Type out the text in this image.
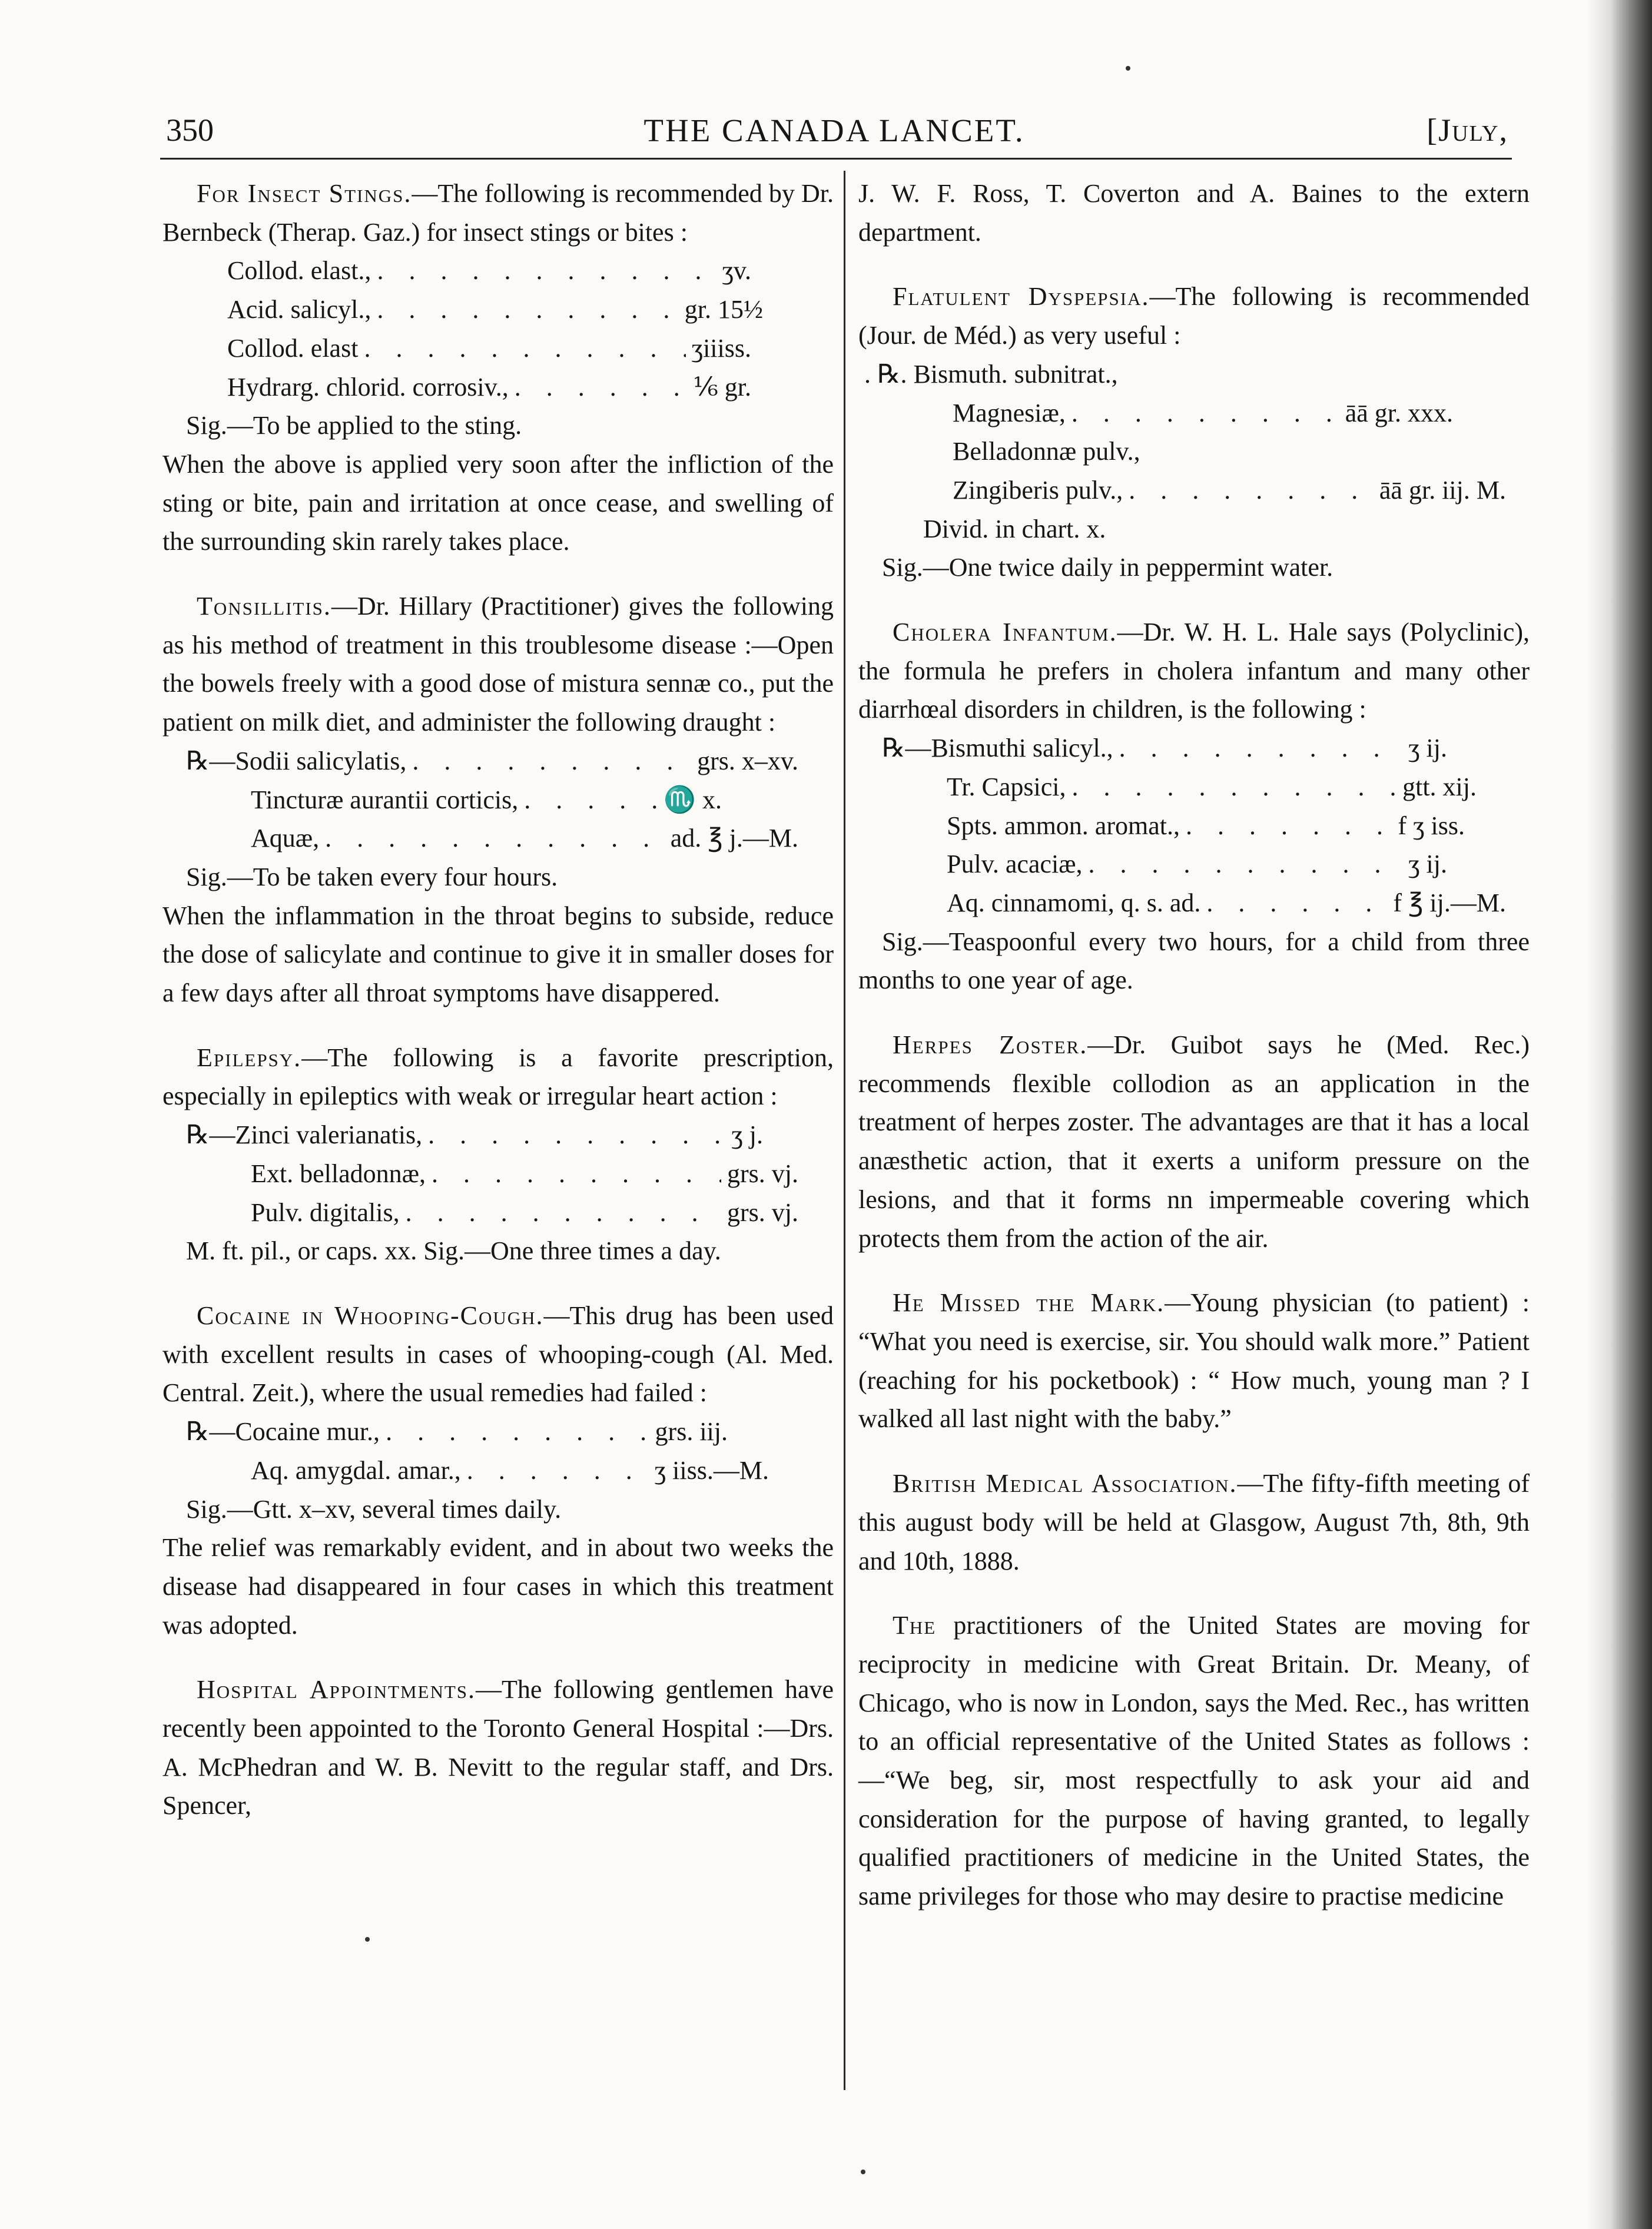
350	THE CANADA LANCET.	[July,

For Insect Stings.—The following is recommended by Dr. Bernbeck (Therap. Gaz.) for insect stings or bites :

Collod. elast., . . .	ʒv.
Acid. salicyl., . . .	gr. 15½
Collod. elast . . .	ʒiiiss.
Hydrarg. chlorid. corrosiv., . . .	⅙ gr.
Sig.—To be applied to the sting.

When the above is applied very soon after the infliction of the sting or bite, pain and irritation at once cease, and swelling of the surrounding skin rarely takes place.

Tonsillitis.—Dr. Hillary (Practitioner) gives the following as his method of treatment in this troublesome disease :—Open the bowels freely with a good dose of mistura sennæ co., put the patient on milk diet, and administer the following draught :

℞—Sodii salicylatis, . . .	grs. x–xv.
Tincturæ aurantii corticis, . . .	♏ x.
Aquæ, . . .	ad. ℥ j.—M.
Sig.—To be taken every four hours.

When the inflammation in the throat begins to subside, reduce the dose of salicylate and continue to give it in smaller doses for a few days after all throat symptoms have disappered.

Epilepsy.—The following is a favorite prescription, especially in epileptics with weak or irregular heart action :

℞—Zinci valerianatis, . . .	ʒ j.
Ext. belladonnæ, . . .	grs. vj.
Pulv. digitalis, . . .	grs. vj.

M. ft. pil., or caps. xx. Sig.—One three times a day.

Cocaine in Whooping-Cough.—This drug has been used with excellent results in cases of whooping-cough (Al. Med. Central. Zeit.), where the usual remedies had failed :

℞—Cocaine mur., . . .	grs. iij.
Aq. amygdal. amar., . . .	ʒ iiss.—M.
Sig.—Gtt. x–xv, several times daily.

The relief was remarkably evident, and in about two weeks the disease had disappeared in four cases in which this treatment was adopted.

Hospital Appointments.—The following gentlemen have recently been appointed to the Toronto General Hospital :—Drs. A. McPhedran and W. B. Nevitt to the regular staff, and Drs. Spencer,

J. W. F. Ross, T. Coverton and A. Baines to the extern department.

Flatulent Dyspepsia.—The following is recommended (Jour. de Méd.) as very useful :

. ℞. Bismuth. subnitrat.,
Magnesiæ, . . .	āā gr. xxx.
Belladonnæ pulv.,
Zingiberis pulv., . . .	āā gr. iij. M.
Divid. in chart. x.
Sig.—One twice daily in peppermint water.

Cholera Infantum.—Dr. W. H. L. Hale says (Polyclinic), the formula he prefers in cholera infantum and many other diarrhœal disorders in children, is the following :

℞—Bismuthi salicyl., . . .	ʒ ij.
Tr. Capsici, . . .	gtt. xij.
Spts. ammon. aromat., . . .	f ʒ iss.
Pulv. acaciæ, . . .	ʒ ij.
Aq. cinnamomi, q. s. ad. . . .	f ℥ ij.—M.

Sig.—Teaspoonful every two hours, for a child from three months to one year of age.

Herpes Zoster.—Dr. Guibot says he (Med. Rec.) recommends flexible collodion as an application in the treatment of herpes zoster. The advantages are that it has a local anæsthetic action, that it exerts a uniform pressure on the lesions, and that it forms nn impermeable covering which protects them from the action of the air.

He Missed the Mark.—Young physician (to patient) : “What you need is exercise, sir. You should walk more.” Patient (reaching for his pocketbook) : “ How much, young man ? I walked all last night with the baby.”

British Medical Association.—The fifty-fifth meeting of this august body will be held at Glasgow, August 7th, 8th, 9th and 10th, 1888.

The practitioners of the United States are moving for reciprocity in medicine with Great Britain. Dr. Meany, of Chicago, who is now in London, says the Med. Rec., has written to an official representative of the United States as follows :—“We beg, sir, most respectfully to ask your aid and consideration for the purpose of having granted, to legally qualified practitioners of medicine in the United States, the same privileges for those who may desire to practise medicine
